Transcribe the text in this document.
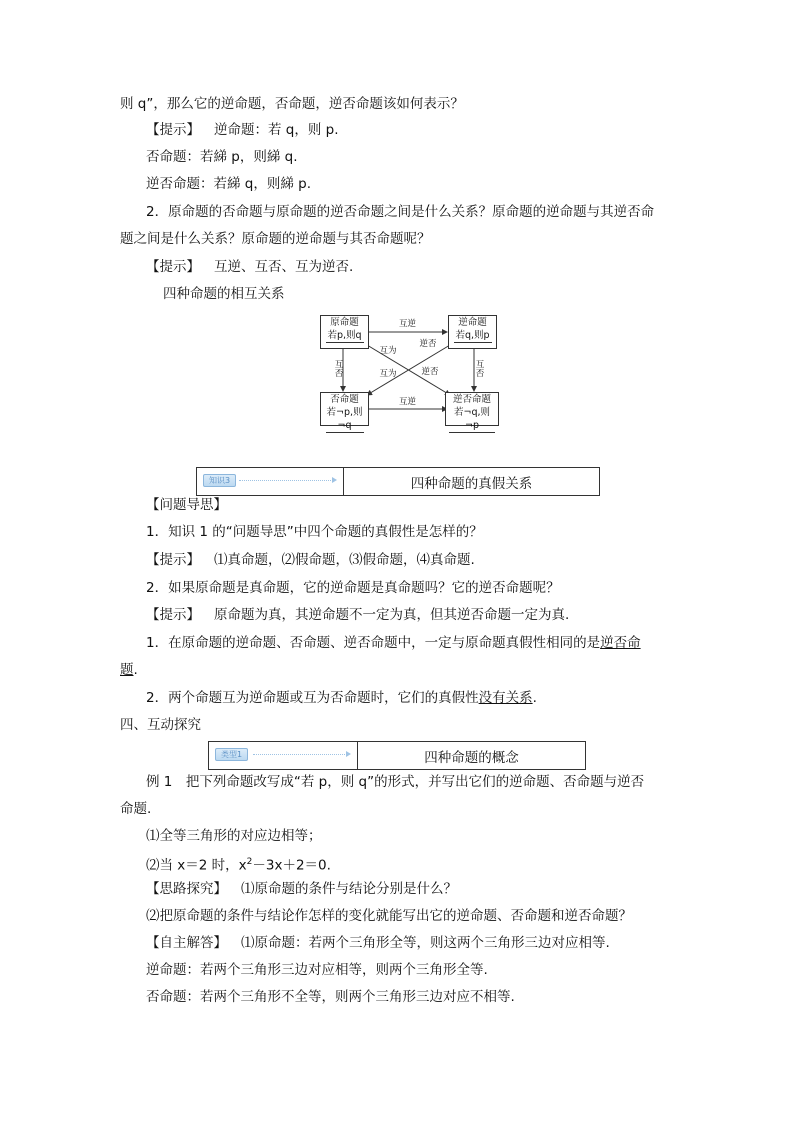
则 q”，那么它的逆命题，否命题，逆否命题该如何表示？
【提示】 逆命题：若 q，则 p.
否命题：若綈 p，则綈 q.
逆否命题：若綈 q，则綈 p.
2．原命题的否命题与原命题的逆否命题之间是什么关系？原命题的逆命题与其逆否命
题之间是什么关系？原命题的逆命题与其否命题呢？
【提示】 互逆、互否、互为逆否.
四种命题的相互关系
原命题
若p,则q
逆命题
若q,则p
否命题
若¬p,则¬q
逆否命题
若¬q,则¬p
互逆
互逆
互否
互否
互为
逆否
互为	逆否
知识3	四种命题的真假关系
【问题导思】
1．知识 1 的“问题导思”中四个命题的真假性是怎样的？
【提示】 ⑴真命题，⑵假命题，⑶假命题，⑷真命题.
2．如果原命题是真命题，它的逆命题是真命题吗？它的逆否命题呢？
【提示】 原命题为真，其逆命题不一定为真，但其逆否命题一定为真.
1．在原命题的逆命题、否命题、逆否命题中，一定与原命题真假性相同的是逆否命
题.
2．两个命题互为逆命题或互为否命题时，它们的真假性没有关系.
四、互动探究
类型1	四种命题的概念
例 1　把下列命题改写成“若 p，则 q”的形式，并写出它们的逆命题、否命题与逆否
命题.
⑴全等三角形的对应边相等；
⑵当 x＝2 时，$x^2-3x+2=0$.
【思路探究】 ⑴原命题的条件与结论分别是什么？
⑵把原命题的条件与结论作怎样的变化就能写出它的逆命题、否命题和逆否命题？
【自主解答】 ⑴原命题：若两个三角形全等，则这两个三角形三边对应相等.
逆命题：若两个三角形三边对应相等，则两个三角形全等.
否命题：若两个三角形不全等，则两个三角形三边对应不相等.
